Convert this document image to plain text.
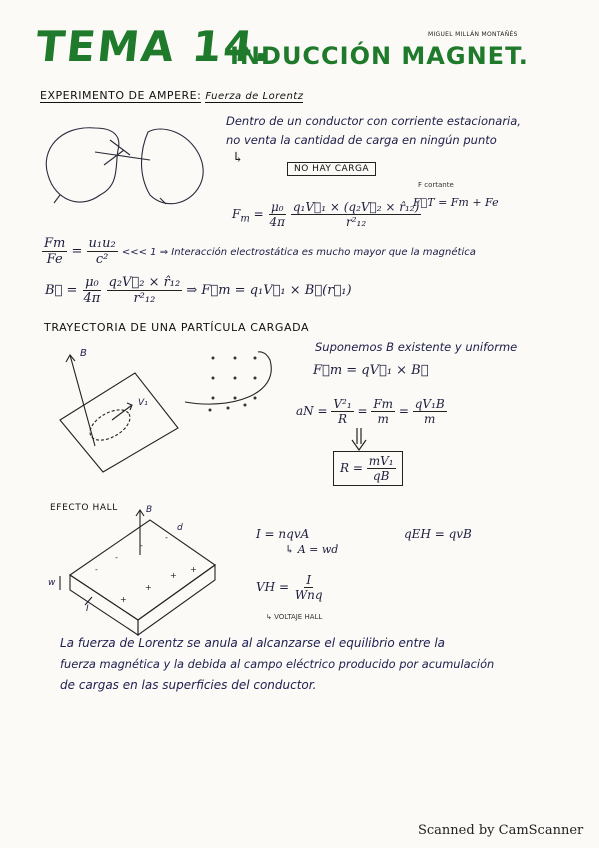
-
-
-
-
+
+
+
+
TEMA 14.
INDUCCIÓN MAGNET.
MIGUEL MILLÁN MONTAÑÉS
EXPERIMENTO DE AMPERE: Fuerza de Lorentz
Dentro de un conductor con corriente estacionaria,
no venta la cantidad de carga en ningún punto
↳
NO HAY CARGA
$F_m = \frac{\text{μ₀}}{4\pi}$
$\frac{\text{q₁V⃗₁ × (q₂V⃗₂ × r̂₁₂)}}{\text{r²₁₂}}$
F cortante
F⃗T = Fm + Fe
$\frac{Fm}{Fe} = \frac{\text{u₁u₂}}{\text{c²}}$ <<< 1 ⇒ Interacción electrostática es mucho mayor que la magnética
B⃗ = $\frac{\text{μ₀}}{4\pi}$
$\frac{\text{q₂V⃗₂ × r̂₁₂}}{\text{r²₁₂}}$ ⇒ F⃗m = q₁V⃗₁ × B⃗(r⃗₁)
TRAYECTORIA DE UNA PARTÍCULA CARGADA
B
V₁
Suponemos B existente y uniforme
F⃗m = qV⃗₁ × B⃗
aN = $\frac{\text{V²₁}}{R} = \frac{Fm}{m} = \frac{\text{qV₁B}}{m}$
$R = \frac{\text{mV₁}}{qB}$
EFECTO HALL	B
d
w
I
I = nqvA
↳ A = wd
qEH = qvB
VH = $\frac{I}{\text{Wnq}}$
↳ VOLTAJE HALL
La fuerza de Lorentz se anula al alcanzarse el equilibrio entre la
fuerza magnética y la debida al campo eléctrico producido por acumulación
de cargas en las superficies del conductor.
Scanned by CamScanner
